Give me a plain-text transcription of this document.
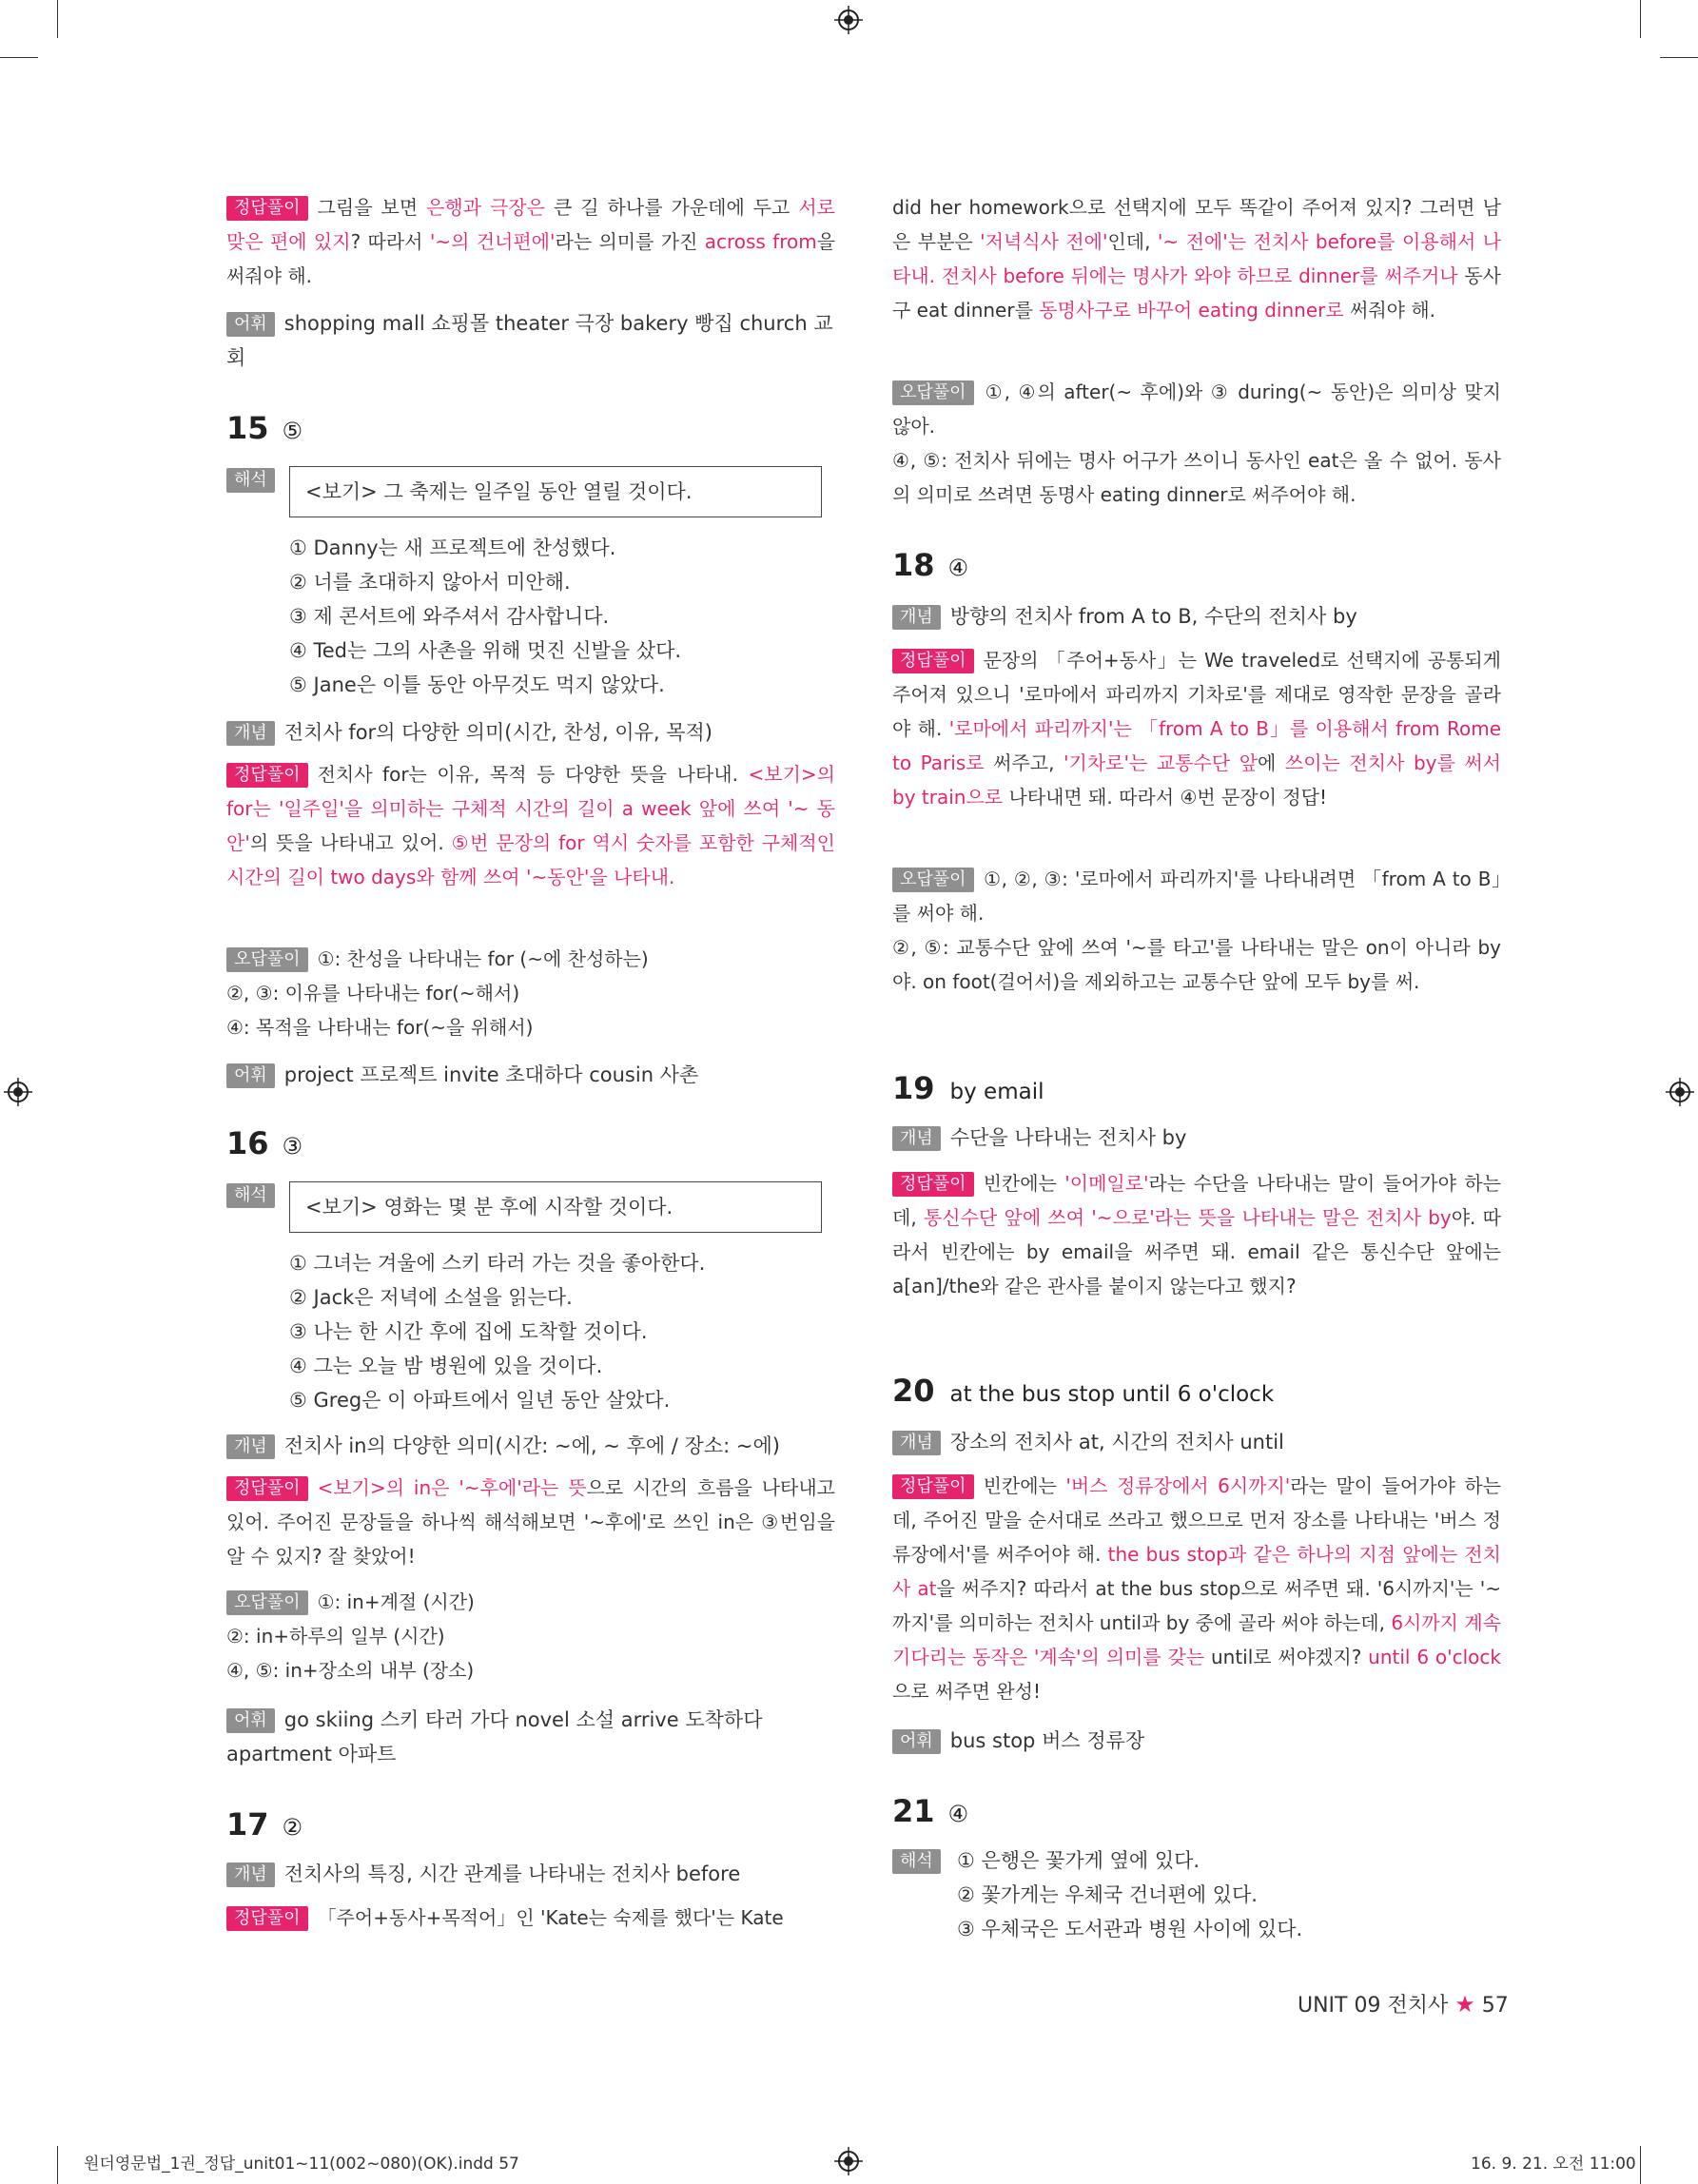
정답풀이 그림을 보면 은행과 극장은 큰 길 하나를 가운데에 두고 서로 맞은 편에 있지? 따라서 '~의 건너편에'라는 의미를 가진 across from을 써줘야 해.
어휘 shopping mall 쇼핑몰 theater 극장 bakery 빵집 church 교회
15 ⑤
해석
<보기> 그 축제는 일주일 동안 열릴 것이다.
① Danny는 새 프로젝트에 찬성했다.
② 너를 초대하지 않아서 미안해.
③ 제 콘서트에 와주셔서 감사합니다.
④ Ted는 그의 사촌을 위해 멋진 신발을 샀다.
⑤ Jane은 이틀 동안 아무것도 먹지 않았다.
개념 전치사 for의 다양한 의미(시간, 찬성, 이유, 목적)
정답풀이 전치사 for는 이유, 목적 등 다양한 뜻을 나타내. <보기>의 for는 '일주일'을 의미하는 구체적 시간의 길이 a week 앞에 쓰여 '~ 동안'의 뜻을 나타내고 있어. ⑤번 문장의 for 역시 숫자를 포함한 구체적인 시간의 길이 two days와 함께 쓰여 '~동안'을 나타내.
오답풀이 ①: 찬성을 나타내는 for (~에 찬성하는)
②, ③: 이유를 나타내는 for(~해서)
④: 목적을 나타내는 for(~을 위해서)
어휘 project 프로젝트 invite 초대하다 cousin 사촌
16 ③
해석
<보기> 영화는 몇 분 후에 시작할 것이다.
① 그녀는 겨울에 스키 타러 가는 것을 좋아한다.
② Jack은 저녁에 소설을 읽는다.
③ 나는 한 시간 후에 집에 도착할 것이다.
④ 그는 오늘 밤 병원에 있을 것이다.
⑤ Greg은 이 아파트에서 일년 동안 살았다.
개념 전치사 in의 다양한 의미(시간: ~에, ~ 후에 / 장소: ~에)
정답풀이 <보기>의 in은 '~후에'라는 뜻으로 시간의 흐름을 나타내고 있어. 주어진 문장들을 하나씩 해석해보면 '~후에'로 쓰인 in은 ③번임을 알 수 있지? 잘 찾았어!
오답풀이 ①: in+계절 (시간)
②: in+하루의 일부 (시간)
④, ⑤: in+장소의 내부 (장소)
어휘 go skiing 스키 타러 가다 novel 소설 arrive 도착하다 apartment 아파트
17 ②
개념 전치사의 특징, 시간 관계를 나타내는 전치사 before
정답풀이 「주어+동사+목적어」인 'Kate는 숙제를 했다'는 Kate
did her homework으로 선택지에 모두 똑같이 주어져 있지? 그러면 남은 부분은 '저녁식사 전에'인데, '~ 전에'는 전치사 before를 이용해서 나타내. 전치사 before 뒤에는 명사가 와야 하므로 dinner를 써주거나 동사구 eat dinner를 동명사구로 바꾸어 eating dinner로 써줘야 해.
오답풀이 ①, ④의 after(~ 후에)와 ③ during(~ 동안)은 의미상 맞지 않아.
④, ⑤: 전치사 뒤에는 명사 어구가 쓰이니 동사인 eat은 올 수 없어. 동사의 의미로 쓰려면 동명사 eating dinner로 써주어야 해.
18 ④
개념 방향의 전치사 from A to B, 수단의 전치사 by
정답풀이 문장의 「주어+동사」는 We traveled로 선택지에 공통되게 주어져 있으니 '로마에서 파리까지 기차로'를 제대로 영작한 문장을 골라야 해. '로마에서 파리까지'는 「from A to B」를 이용해서 from Rome to Paris로 써주고, '기차로'는 교통수단 앞에 쓰이는 전치사 by를 써서 by train으로 나타내면 돼. 따라서 ④번 문장이 정답!
오답풀이 ①, ②, ③: '로마에서 파리까지'를 나타내려면 「from A to B」를 써야 해.
②, ⑤: 교통수단 앞에 쓰여 '~를 타고'를 나타내는 말은 on이 아니라 by야. on foot(걸어서)을 제외하고는 교통수단 앞에 모두 by를 써.
19 by email
개념 수단을 나타내는 전치사 by
정답풀이 빈칸에는 '이메일로'라는 수단을 나타내는 말이 들어가야 하는데, 통신수단 앞에 쓰여 '~으로'라는 뜻을 나타내는 말은 전치사 by야. 따라서 빈칸에는 by email을 써주면 돼. email 같은 통신수단 앞에는 a[an]/the와 같은 관사를 붙이지 않는다고 했지?
20 at the bus stop until 6 o'clock
개념 장소의 전치사 at, 시간의 전치사 until
정답풀이 빈칸에는 '버스 정류장에서 6시까지'라는 말이 들어가야 하는데, 주어진 말을 순서대로 쓰라고 했으므로 먼저 장소를 나타내는 '버스 정류장에서'를 써주어야 해. the bus stop과 같은 하나의 지점 앞에는 전치사 at을 써주지? 따라서 at the bus stop으로 써주면 돼. '6시까지'는 '~까지'를 의미하는 전치사 until과 by 중에 골라 써야 하는데, 6시까지 계속 기다리는 동작은 '계속'의 의미를 갖는 until로 써야겠지? until 6 o'clock으로 써주면 완성!
어휘 bus stop 버스 정류장
21 ④
해석	① 은행은 꽃가게 옆에 있다.
② 꽃가게는 우체국 건너편에 있다.
③ 우체국은 도서관과 병원 사이에 있다.
UNIT 09 전치사 ★ 57
원더영문법_1권_정답_unit01~11(002~080)(OK).indd 57	16. 9. 21. 오전 11:00
